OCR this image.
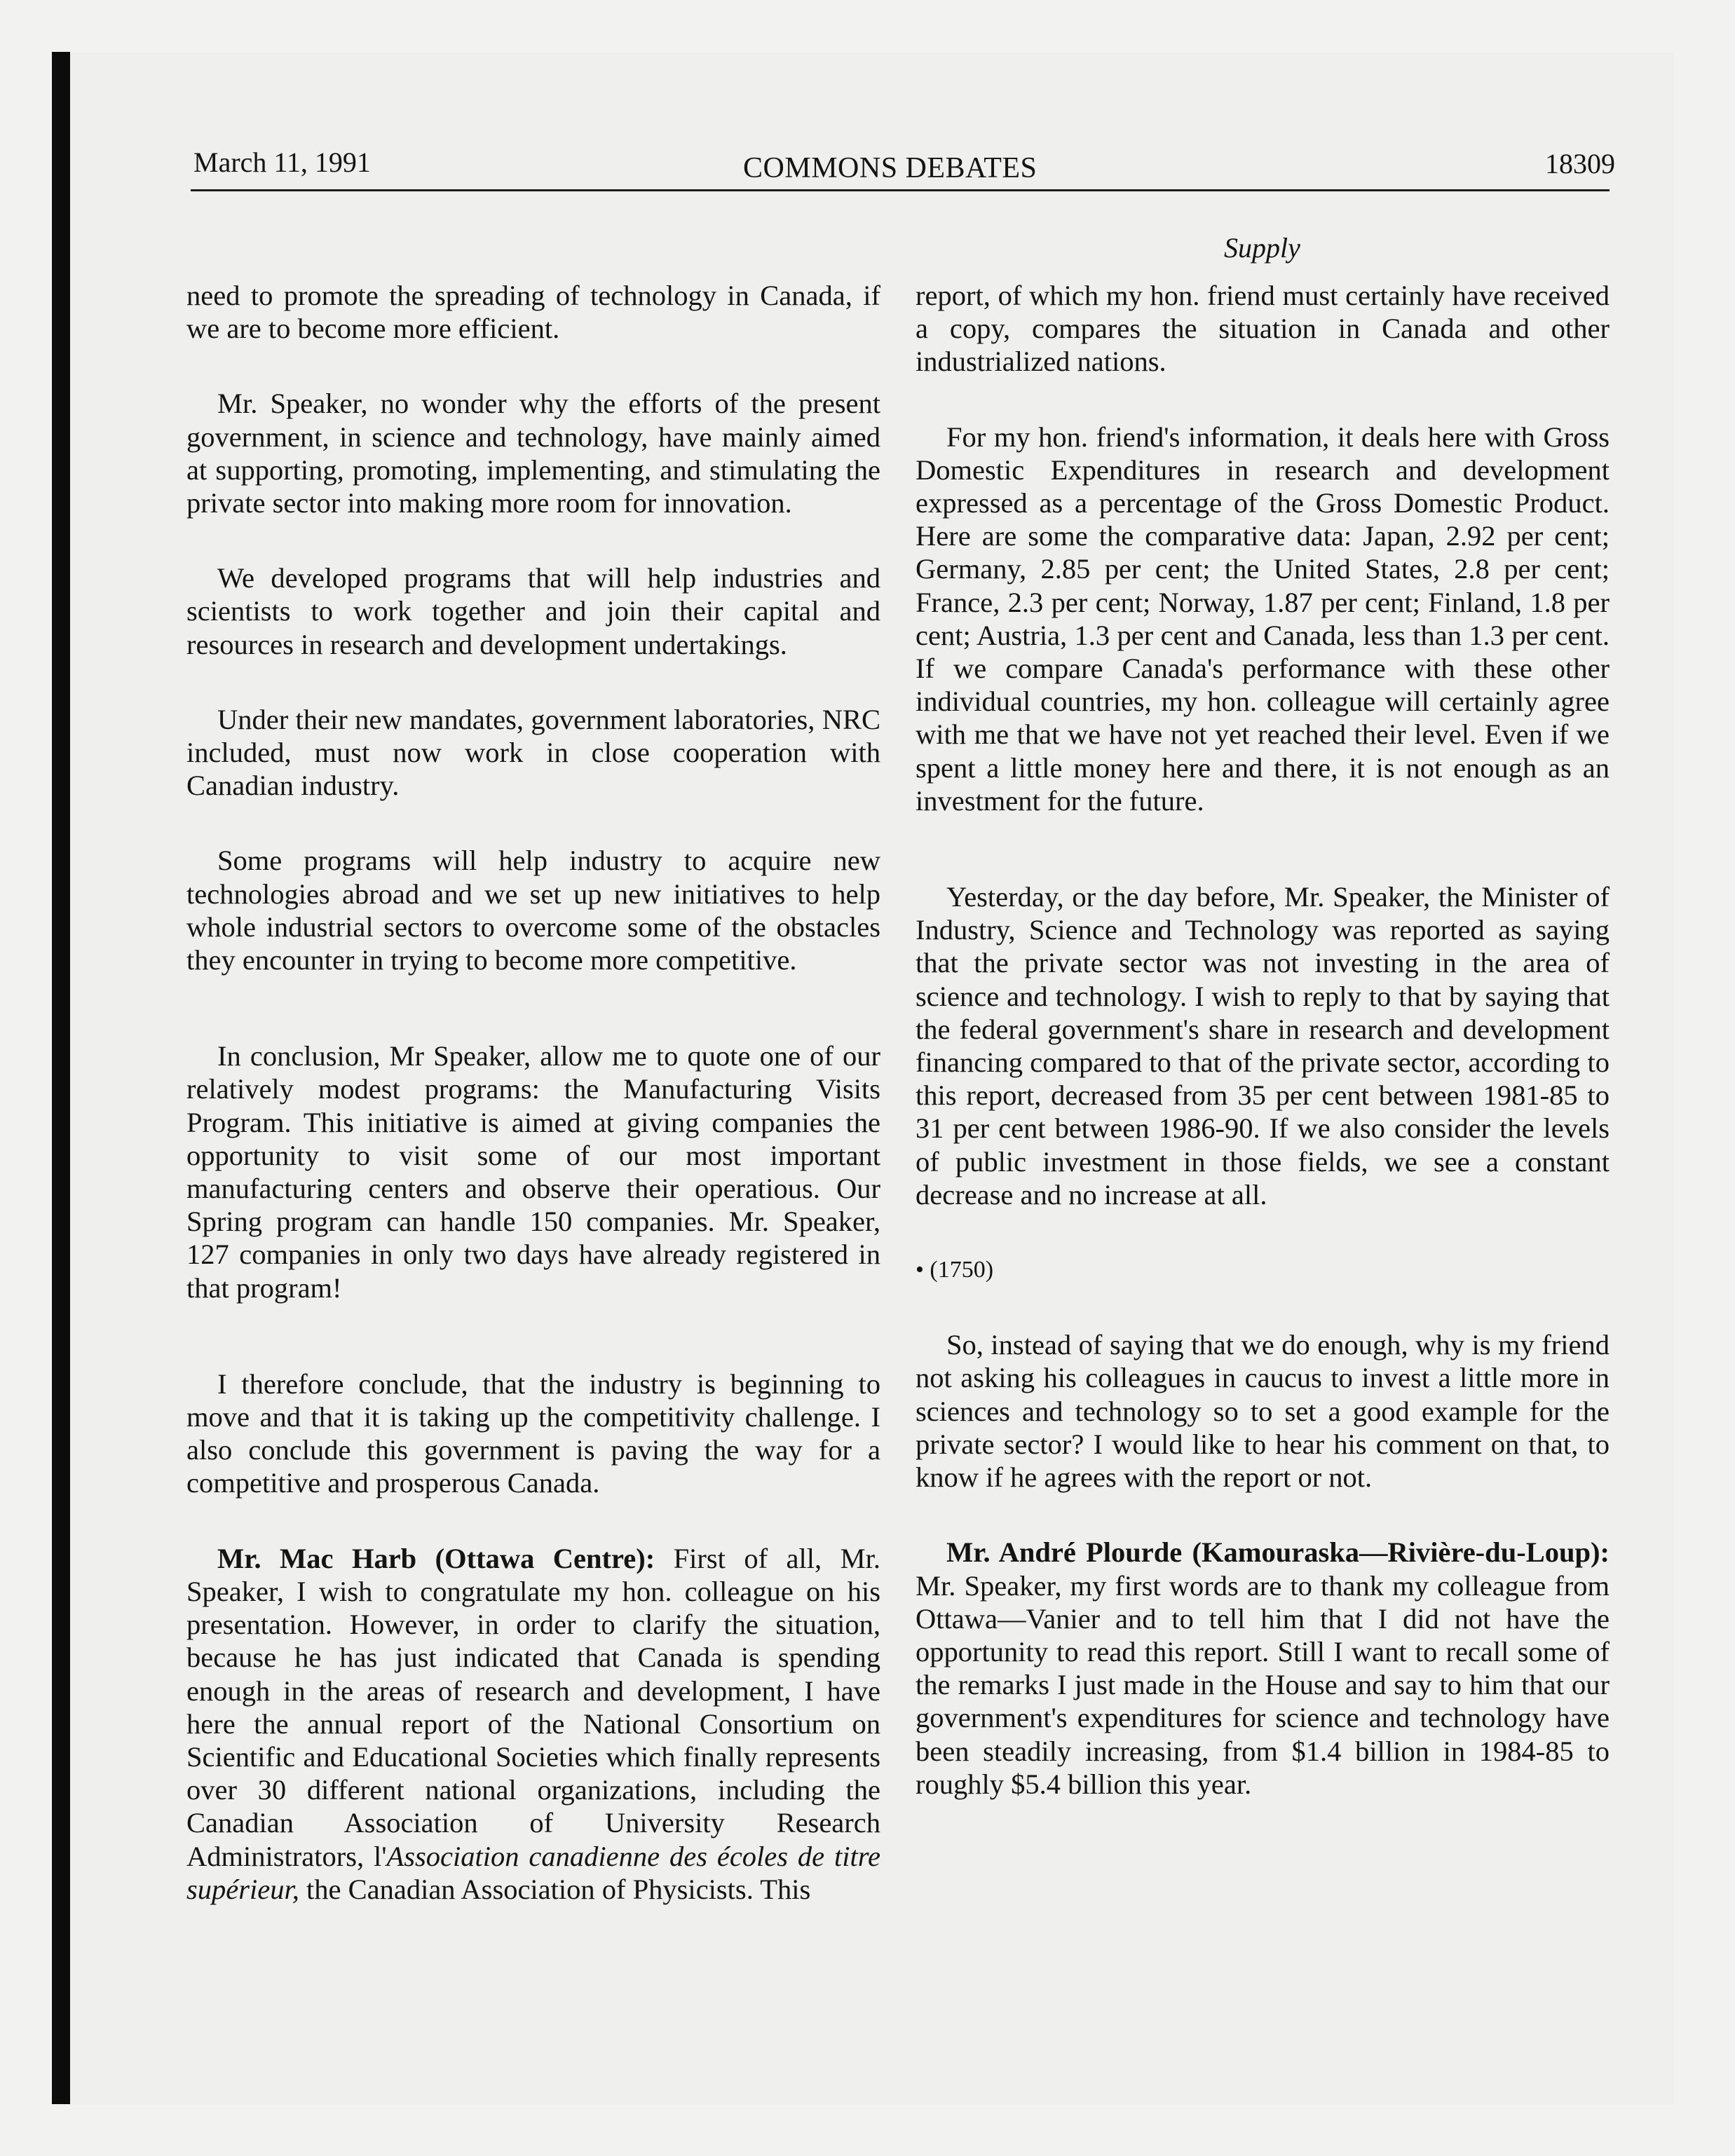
March 11, 1991	COMMONS DEBATES	18309
Supply

need to promote the spreading of technology in Canada, if we are to become more efficient.

Mr. Speaker, no wonder why the efforts of the present government, in science and technology, have mainly aimed at supporting, promoting, implementing, and stimulating the private sector into making more room for innovation.

We developed programs that will help industries and scientists to work together and join their capital and resources in research and development undertakings.

Under their new mandates, government laboratories, NRC included, must now work in close cooperation with Canadian industry.

Some programs will help industry to acquire new technologies abroad and we set up new initiatives to help whole industrial sectors to overcome some of the obstacles they encounter in trying to become more competitive.

In conclusion, Mr Speaker, allow me to quote one of our relatively modest programs: the Manufacturing Visits Program. This initiative is aimed at giving companies the opportunity to visit some of our most important manufacturing centers and observe their operatious. Our Spring program can handle 150 companies. Mr. Speaker, 127 companies in only two days have already registered in that program!

I therefore conclude, that the industry is beginning to move and that it is taking up the competitivity challenge. I also conclude this government is paving the way for a competitive and prosperous Canada.

Mr. Mac Harb (Ottawa Centre): First of all, Mr. Speaker, I wish to congratulate my hon. colleague on his presentation. However, in order to clarify the situation, because he has just indicated that Canada is spending enough in the areas of research and development, I have here the annual report of the National Consortium on Scientific and Educational Societies which finally represents over 30 different national organizations, including the Canadian Association of University Research Administrators, l'Association canadienne des écoles de titre supérieur, the Canadian Association of Physicists. This

report, of which my hon. friend must certainly have received a copy, compares the situation in Canada and other industrialized nations.

For my hon. friend's information, it deals here with Gross Domestic Expenditures in research and development expressed as a percentage of the Gross Domestic Product. Here are some the comparative data: Japan, 2.92 per cent; Germany, 2.85 per cent; the United States, 2.8 per cent; France, 2.3 per cent; Norway, 1.87 per cent; Finland, 1.8 per cent; Austria, 1.3 per cent and Canada, less than 1.3 per cent. If we compare Canada's performance with these other individual countries, my hon. colleague will certainly agree with me that we have not yet reached their level. Even if we spent a little money here and there, it is not enough as an investment for the future.

Yesterday, or the day before, Mr. Speaker, the Minister of Industry, Science and Technology was reported as saying that the private sector was not investing in the area of science and technology. I wish to reply to that by saying that the federal government's share in research and development financing compared to that of the private sector, according to this report, decreased from 35 per cent between 1981-85 to 31 per cent between 1986-90. If we also consider the levels of public investment in those fields, we see a constant decrease and no increase at all.

• (1750)

So, instead of saying that we do enough, why is my friend not asking his colleagues in caucus to invest a little more in sciences and technology so to set a good example for the private sector? I would like to hear his comment on that, to know if he agrees with the report or not.

Mr. André Plourde (Kamouraska—Rivière-du-Loup): Mr. Speaker, my first words are to thank my colleague from Ottawa—Vanier and to tell him that I did not have the opportunity to read this report. Still I want to recall some of the remarks I just made in the House and say to him that our government's expenditures for science and technology have been steadily increasing, from $1.4 billion in 1984-85 to roughly $5.4 billion this year.
